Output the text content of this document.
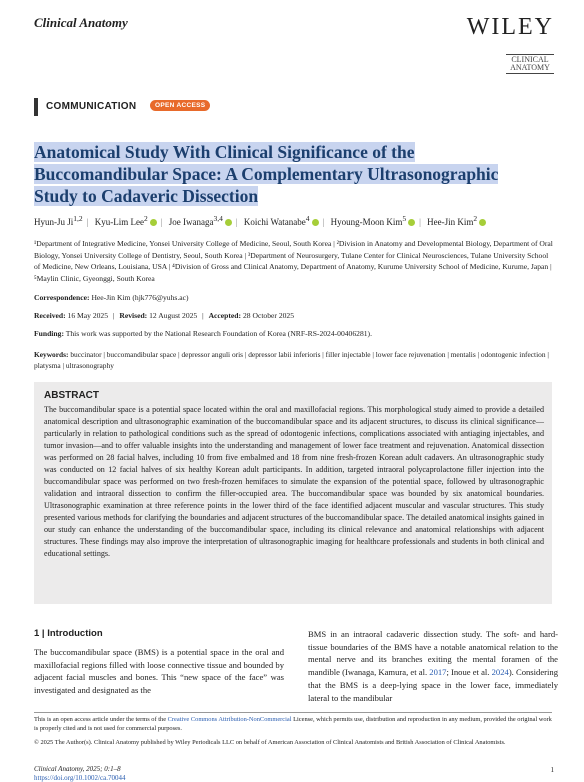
Clinical Anatomy	WILEY
CLINICAL
ANATOMY
COMMUNICATION	OPEN ACCESS
Anatomical Study With Clinical Significance of the Buccomandibular Space: A Complementary Ultrasonographic Study to Cadaveric Dissection
Hyun-Ju Ji$^{1,2}$ | Kyu-Lim Lee$^2$ | Joe Iwanaga$^{3,4}$ | Koichi Watanabe$^4$ | Hyoung-Moon Kim$^5$ | Hee-Jin Kim$^2$
¹Department of Integrative Medicine, Yonsei University College of Medicine, Seoul, South Korea | ²Division in Anatomy and Developmental Biology, Department of Oral Biology, Yonsei University College of Dentistry, Seoul, South Korea | ³Department of Neurosurgery, Tulane Center for Clinical Neurosciences, Tulane University School of Medicine, New Orleans, Louisiana, USA | ⁴Division of Gross and Clinical Anatomy, Department of Anatomy, Kurume University School of Medicine, Kurume, Japan | ⁵Maylin Clinic, Gyeonggi, South Korea
Correspondence: Hee-Jin Kim (hjk776@yuhs.ac)
Received: 16 May 2025 | Revised: 12 August 2025 | Accepted: 28 October 2025
Funding: This work was supported by the National Research Foundation of Korea (NRF-RS-2024-00406281).
Keywords: buccinator | buccomandibular space | depressor anguli oris | depressor labii inferioris | filler injectable | lower face rejuvenation | mentalis | odontogenic infection | platysma | ultrasonography
ABSTRACT
The buccomandibular space is a potential space located within the oral and maxillofacial regions. This morphological study aimed to provide a detailed anatomical description and ultrasonographic examination of the buccomandibular space and its adjacent structures, to discuss its clinical significance—particularly in relation to pathological conditions such as the spread of odontogenic infections, complications associated with antiaging injectables, and tumor invasion—and to offer valuable insights into the understanding and management of lower face treatment and rejuvenation. Anatomical dissection was performed on 28 facial halves, including 10 from five embalmed and 18 from nine fresh-frozen Korean adult cadavers. An ultrasonographic study was conducted on 12 facial halves of six healthy Korean adult participants. In addition, targeted intraoral polycaprolactone filler injection into the buccomandibular space was performed on two fresh-frozen hemifaces to simulate the expansion of the potential space, followed by ultrasonographic validation and intraoral dissection to confirm the filler-occupied area. The buccomandibular space was bounded by six anatomical boundaries. Ultrasonographic examination at three reference points in the lower third of the face identified adjacent muscular and vascular structures. This study presented various methods for clarifying the boundaries and adjacent structures of the buccomandibular space. The detailed anatomical insights gained in our study can enhance the understanding of the buccomandibular space, including its clinical relevance and anatomical relationships with adjacent structures. These findings may also improve the interpretation of ultrasonographic imaging for healthcare professionals and students in both clinical and educational settings.
1 | Introduction
The buccomandibular space (BMS) is a potential space in the oral and maxillofacial regions filled with loose connective tissue and bounded by adjacent facial muscles and bones. This “new space of the face” was investigated and designated as the
BMS in an intraoral cadaveric dissection study. The soft- and hard-tissue boundaries of the BMS have a notable anatomical relation to the mental nerve and its branches exiting the mental foramen of the mandible (Iwanaga, Kamura, et al. 2017; Inoue et al. 2024). Considering that the BMS is a deep-lying space in the lower face, immediately lateral to the mandibular
This is an open access article under the terms of the Creative Commons Attribution-NonCommercial License, which permits use, distribution and reproduction in any medium, provided the original work is properly cited and is not used for commercial purposes.
© 2025 The Author(s). Clinical Anatomy published by Wiley Periodicals LLC on behalf of American Association of Clinical Anatomists and British Association of Clinical Anatomists.
Clinical Anatomy, 2025; 0:1–8
https://doi.org/10.1002/ca.70044
1
